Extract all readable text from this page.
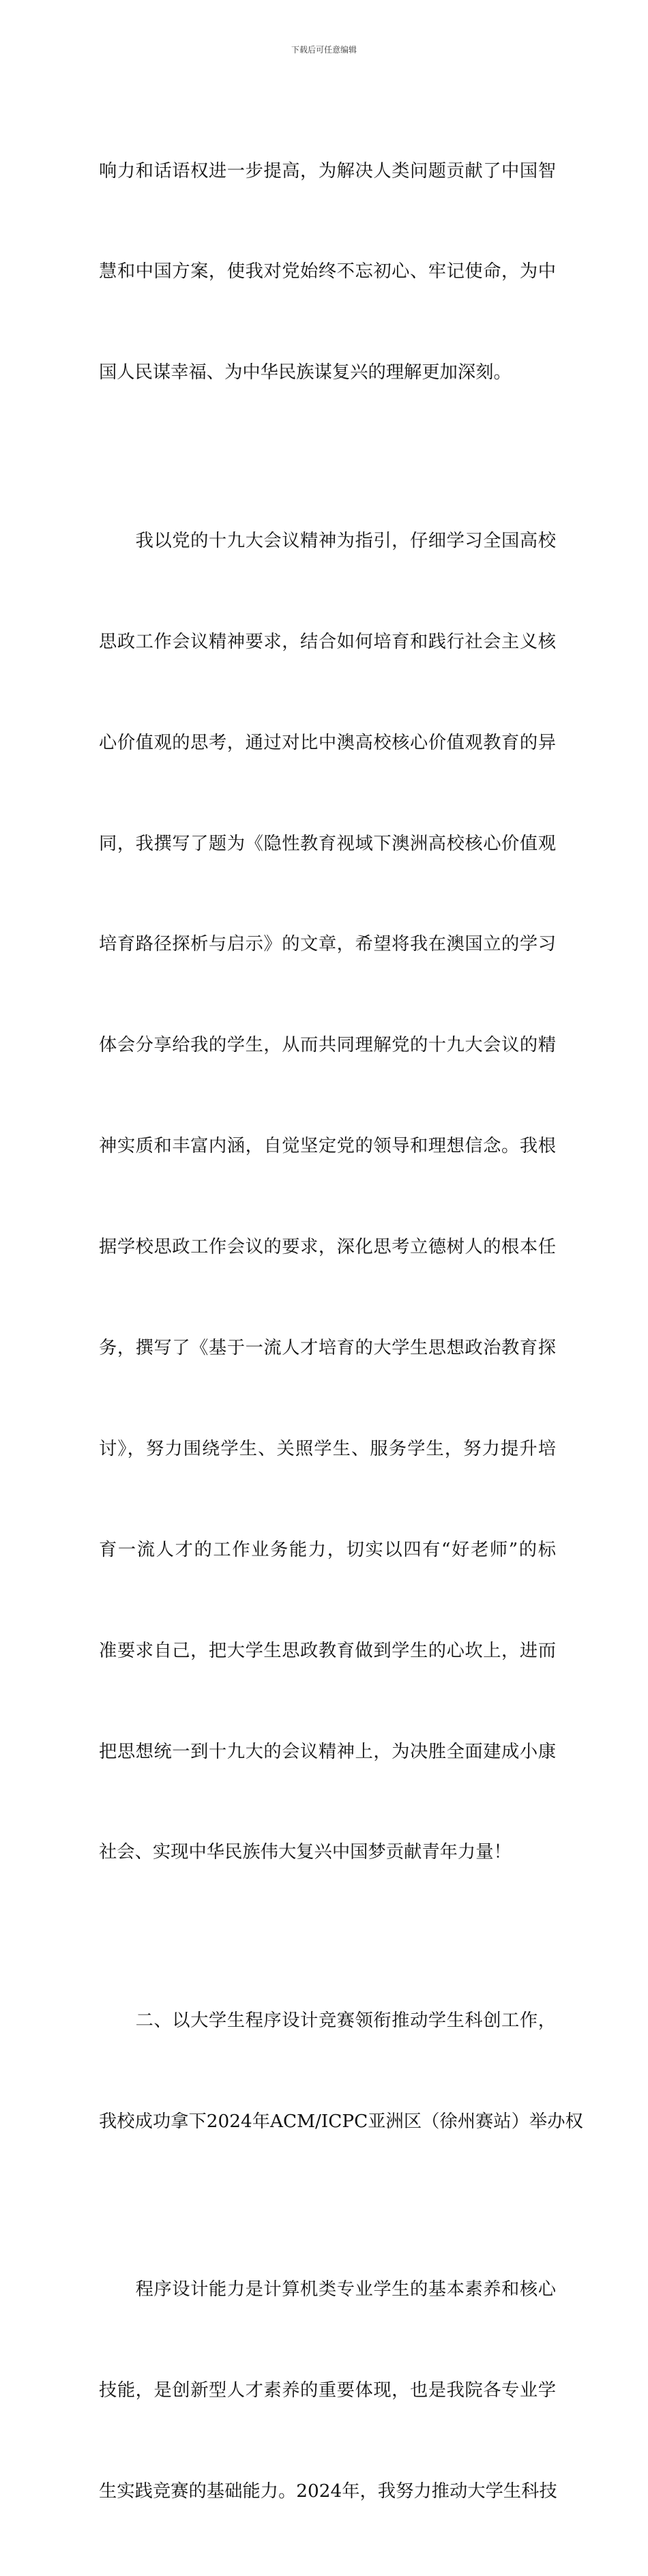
下载后可任意编辑

响力和话语权进一步提高，为解决人类问题贡献了中国智

慧和中国方案，使我对党始终不忘初心、牢记使命，为中

国人民谋幸福、为中华民族谋复兴的理解更加深刻。

　　我以党的十九大会议精神为指引，仔细学习全国高校

思政工作会议精神要求，结合如何培育和践行社会主义核

心价值观的思考，通过对比中澳高校核心价值观教育的异

同，我撰写了题为《隐性教育视域下澳洲高校核心价值观

培育路径探析与启示》的文章，希望将我在澳国立的学习

体会分享给我的学生，从而共同理解党的十九大会议的精

神实质和丰富内涵，自觉坚定党的领导和理想信念。我根

据学校思政工作会议的要求，深化思考立德树人的根本任

务，撰写了《基于一流人才培育的大学生思想政治教育探

讨》，努力围绕学生、关照学生、服务学生，努力提升培

育一流人才的工作业务能力，切实以四有“好老师”的标

准要求自己，把大学生思政教育做到学生的心坎上，进而

把思想统一到十九大的会议精神上，为决胜全面建成小康

社会、实现中华民族伟大复兴中国梦贡献青年力量！

　　二、以大学生程序设计竞赛领衔推动学生科创工作，

我校成功拿下2024年ACM/ICPC亚洲区（徐州赛站）举办权

　　程序设计能力是计算机类专业学生的基本素养和核心

技能，是创新型人才素养的重要体现，也是我院各专业学

生实践竞赛的基础能力。2024年，我努力推动大学生科技
